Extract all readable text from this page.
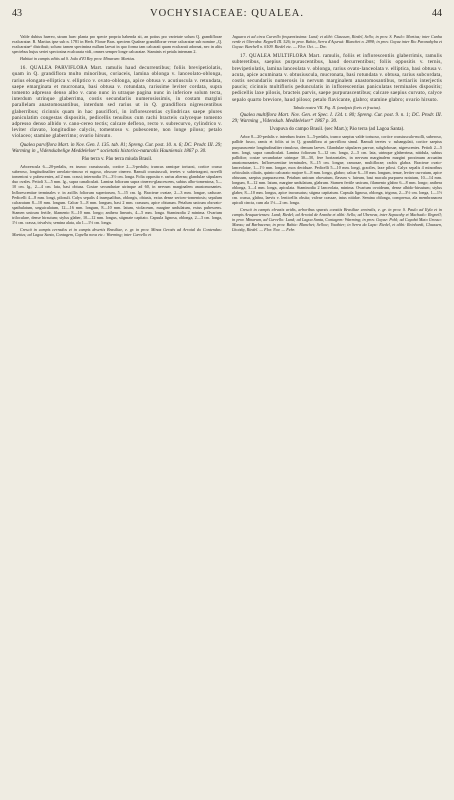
43	VOCHYSIACEAE: QUALEA.	44

Valde dubius haereo, utrum haec planta pro specie propria habenda sit, an potius pro varietate solum Q. grandiflorae ecalcaratae. R. Martius ipse sub n. 1781 in Herb. Florae Bras. speciem Qualeae grandiflorae verae calcaratae sub nomine „Q. ecalcaratae“ distribuit; solum: tamen specimina nullum laevat in quo forma tam calcarati quam ecalcarati adornat, nec in aliis speciebus hujus seriei speciosina ecalcarata vidi, omnes semper longe calcaratae. Staminis et petala internam 2.

Habitat in campis editis ad S. João d'El Rey prov. Minarum: Martius.

16. QUALEA PARVIFLORA Mart. ramulis haud decurrentibus; foliis brevipetiolatis, quam in Q. grandiflora multo minoribus, coriaceis, lamina oblonga v. lanceolato-oblonga, rarius elongato-elliptica v. elliptico v. ovato-oblonga, apice obtusa v. acutiuscula v. retundata, saepe emarginata et mucronata, basi obtusa v. rotundata, rarissime leviter cordata, supra tomento adpresso denso albo v. cano nunc in utraque pagina nunc in inferiore solum tecta, interdum utrinque glaberrima, costis secundariis numerosissimis, in costam margini parallelam anastomosantibus, interdum sed rarius ut in Q. grandiflora nigrescentibus glaberribus; cicinnis quam in hac pauciflori, in inflorescentias cylindricas saepe plures paniculatim congestas dispositis, pedicellis tenuibus cum rachi bracteis calyceque tomento adpresso denso albido v. cano-cereo tectis; calcare deflexo, recto v. subrecurvo, cylindrico v. leviter clavato, longitudine calycis, tomentoso v. pubescente, non longe piloso; petalo violaceo; stamine glaberrimo; ovario hirsuto.

Qualea parviflora Mart. in Nov. Gen. I. 135. tab. 81; Spreng. Cur. post. 10. n. 6; DC. Prodr. III. 29; Warming in „Videnskabelige Meddelelser“ societatis historico-naturalis Hauniensis 1867 p. 30.

Pào terra v. Pào terra miuda Brasil.

Arborescula 6—20-pedalis, ex trunco crassiusculo, cortice 2—3-pedalis; truncus ramique tortuosi, cortice crasso suberoso, longitudinaliter areolato-rimoso et rugoso, obscure cinereo. Ramuli crassiusculi, teretes v. subtetragoni, novelli tomentosi v. pubescentes, ad 2 mm. crassi; internodia 1½—3½ cm. longa. Folia opposita v. rarius alterna; glandulae stipulares duo ovales. Petioli 3—5 mm. lg., supra canaliculati. Lamina foliorum supra cinereo-glaucescens, subtus albo-tomentosa, 5—10 cm. lg., 2—4 cm. lata, basi obtusa. Costae secundariae utrinque ad 60, in nervum marginalem anastomosantes. Inflorescentiae terminales v. in axillis foliorum superiorum, 5—15 cm. lg. Bracteae ovatae, 2—3 mm. longae, caducae. Pedicelli 4—8 mm. longi, pilosuli. Calyx sepalis 4 inaequalibus, oblongis, obtusis, extus dense sericeo-tomentosis; sepalum calcaratum 8—10 mm. longum. Calcar 5—8 mm. longum, basi 2 mm. crassum, apice obtusum. Petalum unicum obovato-spathulatum, unguiculatum, 12—16 mm. longum, 8—10 mm. latum, violaceum, margine undulatum, extus pubescens. Stamen unicum fertile, filamento 8—10 mm. longo; anthera linearis, 4—5 mm. longa. Staminodia 2 minima. Ovarium triloculare, dense hirsutum; stylus glaber, 10—12 mm. longus, stigmate capitato. Capsula lignosa, oblonga, 2—3 cm. longa, 1½ cm. crassa, trivalvis; semina alata, ala 1—1½ cm. longa.

Crescit in campis cerrados et in campis desertis Brasiliae, e. gr. in prov. Minas Geraës ad Arraial do Contendas: Martius; ad Lagoa Santa, Contagem, Capella nova etc.: Warming; inter Curvello et

Jaguara et ad circa Curvello frequentissima: Lund; et alibi: Claussen, Riedel, Sello; in prov. S. Paulo: Martius; inter Cunha verde et Uberaba: Regnell III. 526; in prov. Bahia, Serra d'Açuruá: Blanchet n. 2898; in prov. Goyaz inter Rio Paranahyba et Goyaz: Burchell n. 6109. Riedel etc. — Flor. Oct. — Dec.

17. QUALEA MULTIFLORA Mart. ramulis, foliis et inflorescentiis glaberrimis, ramulis subteretibus, saepius purpurascentibus, haud decurrentibus; foliis oppositis v. ternis, brevipetiolatis, lamina lanceolata v. oblonga, rarius ovato-lanceolata v. elliptica, basi obtusa v. acuta, apice acuminata v. obtusiuscula, mucronata, basi rotundata v. obtusa, rarius subcordata, costis secundariis numerosis in nervum marginalem anastomosantibus, tertiariis interjectis paucis; cicinnis multifloris pedunculatis in inflorescentias paniculatas terminales dispositis; pedicellis laxe pilosis, bracteis parvis, saepe purpurascentibus; calcare saepius curvato, calyce sepalo quarto breviore, haud piloso; petalo flavicante, glabro; stamine glabro; ovario hirsuto.

Tabula nostra VII. Fig. II. (analysis floris et fructus).

Qualea multiflora Mart. Nov. Gen. et Spec. I. 134. t. 80; Spreng. Cur. post. 9. n. 1; DC. Prodr. III. 29; Warming „Videnskab. Meddelelser“ 1867 p. 30.

Uvapuva do campo Brasil. (sec Mart.); Pào terra (ad Lagoa Santa).

Arbor 8—20-pedalis v. interdum frutex 3—5-pedalis, trunco saepius valde tortuoso, cortice crassiusculo-molli, suberoso, pallide fusco, ramis et foliis ut in Q. grandiflora at parviflora simul. Ramuli teretes v. subangulati, cortice saepius purpurascente longitudinaliter rimuloso, demum laeves. Glandulae stipulares parvae, subglobosae, nigrescentes. Petioli 2—5 mm. longi, supra canaliculati. Lamina foliorum 5—12 cm. longa, 2—5 cm. lata, utrinque glaberrima, nitidula, subtus pallidior; costae secundariae utrinque 30—50, fere horizontales, in nervum marginalem margini proximum arcuatim anastomosantes. Inflorescentiae terminales, 8—15 cm. longae, ramosae, multiflorae; rachis glabra. Bracteae ovato-lanceolatae, 1—1½ mm. longae, mox deciduae. Pedicelli 5—10 mm. longi, graciles, laxe pilosi. Calyx sepalis 4 minoribus orbiculatis ciliatis, quinto calcarato majore 6—8 mm. longo, glabro; calcar 6—10 mm. longum, tenue, leviter curvatum, apice obtusum, saepius purpurascens. Petalum unicum obovatum, flavum v. luteum, basi macula purpurea notatum, 10—14 mm. longum, 8—12 mm. latum, margine undulatum, glabrum. Stamen fertile unicum, filamento glabro 6—8 mm. longo; anthera oblonga, 3—4 mm. longa, apiculata. Staminodia 2 lanceolata, minima. Ovarium ovoideum, dense albido-hirsutum; stylus glaber, 8—10 mm. longus, apice incrassatus; stigma capitatum. Capsula lignosa, oblonga, trigona, 2—3½ cm. longa, 1—1½ cm. crassa, glabra, laevis v. lenticellis obsita; valvae crassae, intus nitidae. Semina oblonga, compressa, ala membranacea apicali cincta, cum ala 1½—2 cm. longa.

Crescit in campis elevatis aridis, arboribus sparsis consitis Brasiliae centralis, e. gr. in prov. S. Paulo ad Ilyla et in campis Araquarienses: Lund; Riedel; ad Arraial de Aranha et alibi: Sello; ad Uberava, inter Sapucahy et Machado: Regnell; in prov. Minarum, ad Curvello: Lund; ad Lagoa Santa, Contagem: Warming; in prov. Goyaz: Pohl; ad Cuyabá Mato Grosso: Manso; ad Barbacena; in prov. Bahia: Blanchet; Sellow; Vauthier; in Serra da Lapa: Riedel, et alibi: Reinhardt, Claussen, Lhotsky, Riedel. — Flor. Nov. — Febr.
